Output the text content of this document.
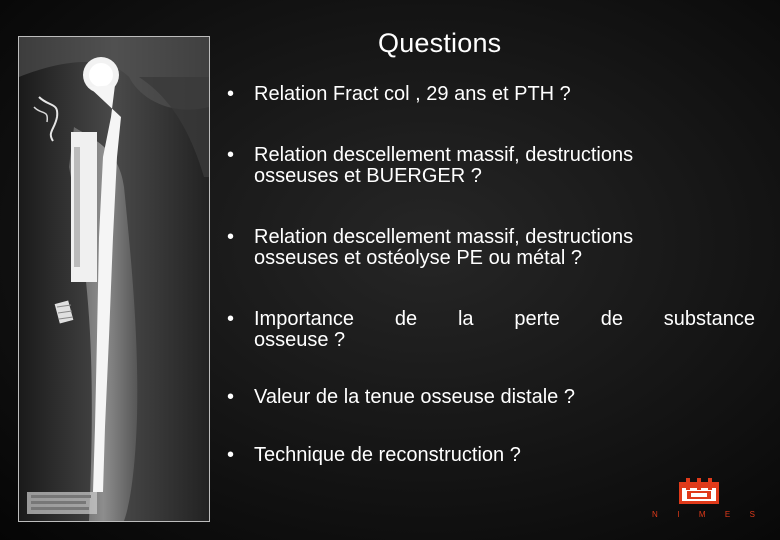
Questions
• Relation Fract col , 29 ans et PTH ?
• Relation descellement massif, destructions
osseuses et BUERGER ?
• Relation descellement massif, destructions
osseuses et ostéolyse PE ou métal ?
• Importance de la perte de substance
osseuse ?
• Valeur de la tenue osseuse distale ?
• Technique de reconstruction ?
N I M E S
